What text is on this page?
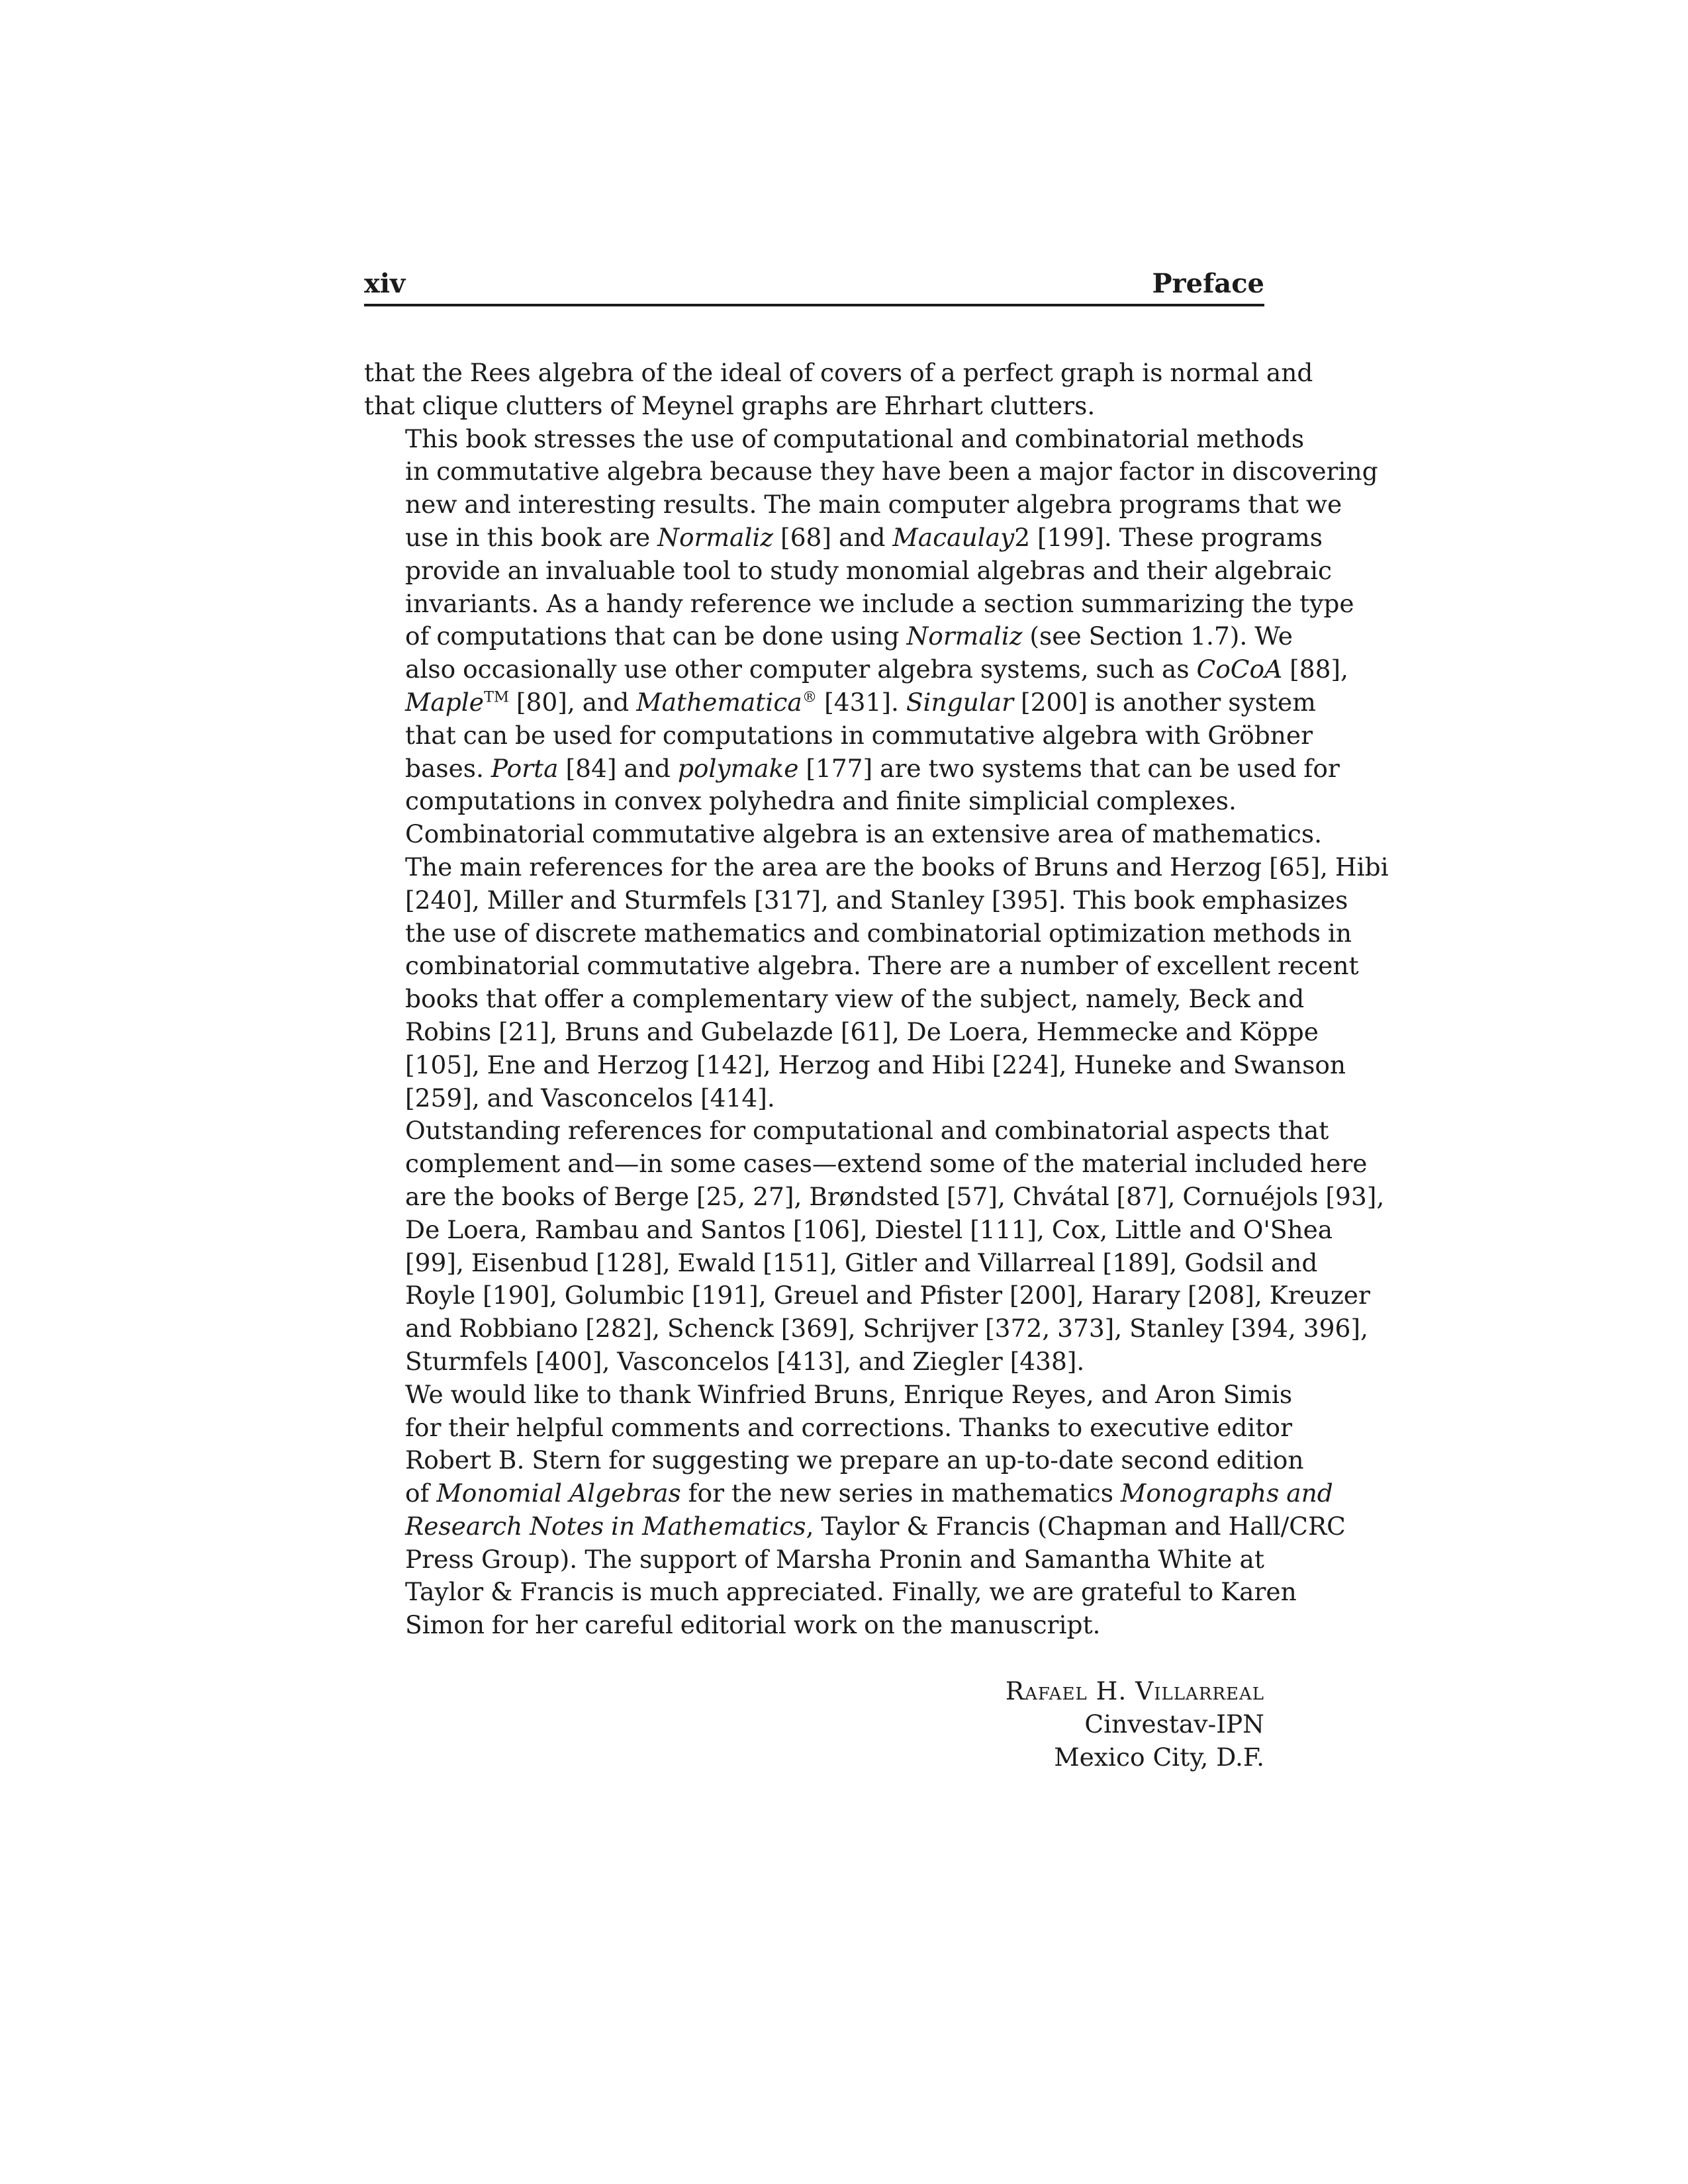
xiv	Preface

that the Rees algebra of the ideal of covers of a perfect graph is normal and
that clique clutters of Meynel graphs are Ehrhart clutters.

This book stresses the use of computational and combinatorial methods
in commutative algebra because they have been a major factor in discovering
new and interesting results. The main computer algebra programs that we
use in this book are Normaliz [68] and Macaulay2 [199]. These programs
provide an invaluable tool to study monomial algebras and their algebraic
invariants. As a handy reference we include a section summarizing the type
of computations that can be done using Normaliz (see Section 1.7). We
also occasionally use other computer algebra systems, such as CoCoA [88],
Maple™ [80], and Mathematica® [431]. Singular [200] is another system
that can be used for computations in commutative algebra with Gröbner
bases. Porta [84] and polymake [177] are two systems that can be used for
computations in convex polyhedra and finite simplicial complexes.

Combinatorial commutative algebra is an extensive area of mathematics.
The main references for the area are the books of Bruns and Herzog [65], Hibi
[240], Miller and Sturmfels [317], and Stanley [395]. This book emphasizes
the use of discrete mathematics and combinatorial optimization methods in
combinatorial commutative algebra. There are a number of excellent recent
books that offer a complementary view of the subject, namely, Beck and
Robins [21], Bruns and Gubelazde [61], De Loera, Hemmecke and Köppe
[105], Ene and Herzog [142], Herzog and Hibi [224], Huneke and Swanson
[259], and Vasconcelos [414].

Outstanding references for computational and combinatorial aspects that
complement and—in some cases—extend some of the material included here
are the books of Berge [25, 27], Brøndsted [57], Chvátal [87], Cornuéjols [93],
De Loera, Rambau and Santos [106], Diestel [111], Cox, Little and O'Shea
[99], Eisenbud [128], Ewald [151], Gitler and Villarreal [189], Godsil and
Royle [190], Golumbic [191], Greuel and Pfister [200], Harary [208], Kreuzer
and Robbiano [282], Schenck [369], Schrijver [372, 373], Stanley [394, 396],
Sturmfels [400], Vasconcelos [413], and Ziegler [438].

We would like to thank Winfried Bruns, Enrique Reyes, and Aron Simis
for their helpful comments and corrections. Thanks to executive editor
Robert B. Stern for suggesting we prepare an up-to-date second edition
of Monomial Algebras for the new series in mathematics Monographs and
Research Notes in Mathematics, Taylor & Francis (Chapman and Hall/CRC
Press Group). The support of Marsha Pronin and Samantha White at
Taylor & Francis is much appreciated. Finally, we are grateful to Karen
Simon for her careful editorial work on the manuscript.

Rafael H. Villarreal
Cinvestav-IPN
Mexico City, D.F.
